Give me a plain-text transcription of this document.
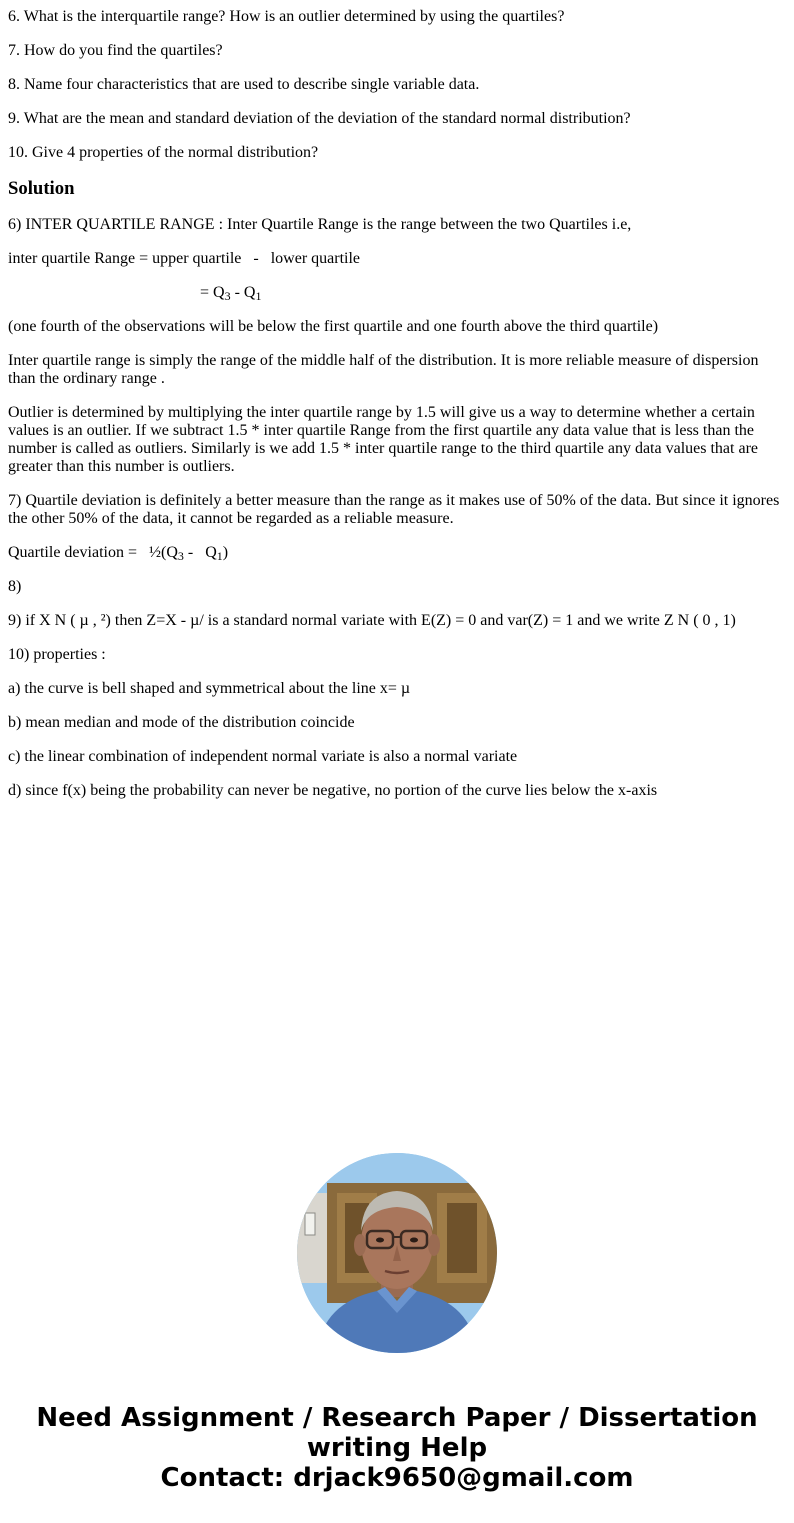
6. What is the interquartile range? How is an outlier determined by using the quartiles?

7. How do you find the quartiles?

8. Name four characteristics that are used to describe single variable data.

9. What are the mean and standard deviation of the deviation of the standard normal distribution?

10. Give 4 properties of the normal distribution?

Solution

6) INTER QUARTILE RANGE : Inter Quartile Range is the range between the two Quartiles i.e,

inter quartile Range = upper quartile   -   lower quartile

= $Q_3 - Q_1$

(one fourth of the observations will be below the first quartile and one fourth above the third quartile)

Inter quartile range is simply the range of the middle half of the distribution. It is more reliable measure of dispersion than the ordinary range .

Outlier is determined by multiplying the inter quartile range by 1.5 will give us a way to determine whether a certain values is an outlier. If we subtract 1.5 * inter quartile Range from the first quartile any data value that is less than the number is called as outliers. Similarly is we add 1.5 * inter quartile range to the third quartile any data values that are greater than this number is outliers.

7) Quartile deviation is definitely a better measure than the range as it makes use of 50% of the data. But since it ignores the other 50% of the data, it cannot be regarded as a reliable measure.

Quartile deviation =   $\frac{1}{2}(Q_3 - Q_1)$

8)

9) if X N ( µ , ²) then Z=X - µ/ is a standard normal variate with E(Z) = 0 and var(Z) = 1 and we write Z N ( 0 , 1)

10) properties :

a) the curve is bell shaped and symmetrical about the line x= µ

b) mean median and mode of the distribution coincide

c) the linear combination of independent normal variate is also a normal variate

d) since f(x) being the probability can never be negative, no portion of the curve lies below the x-axis

Need Assignment / Research Paper / Dissertation
writing Help
Contact: drjack9650@gmail.com
